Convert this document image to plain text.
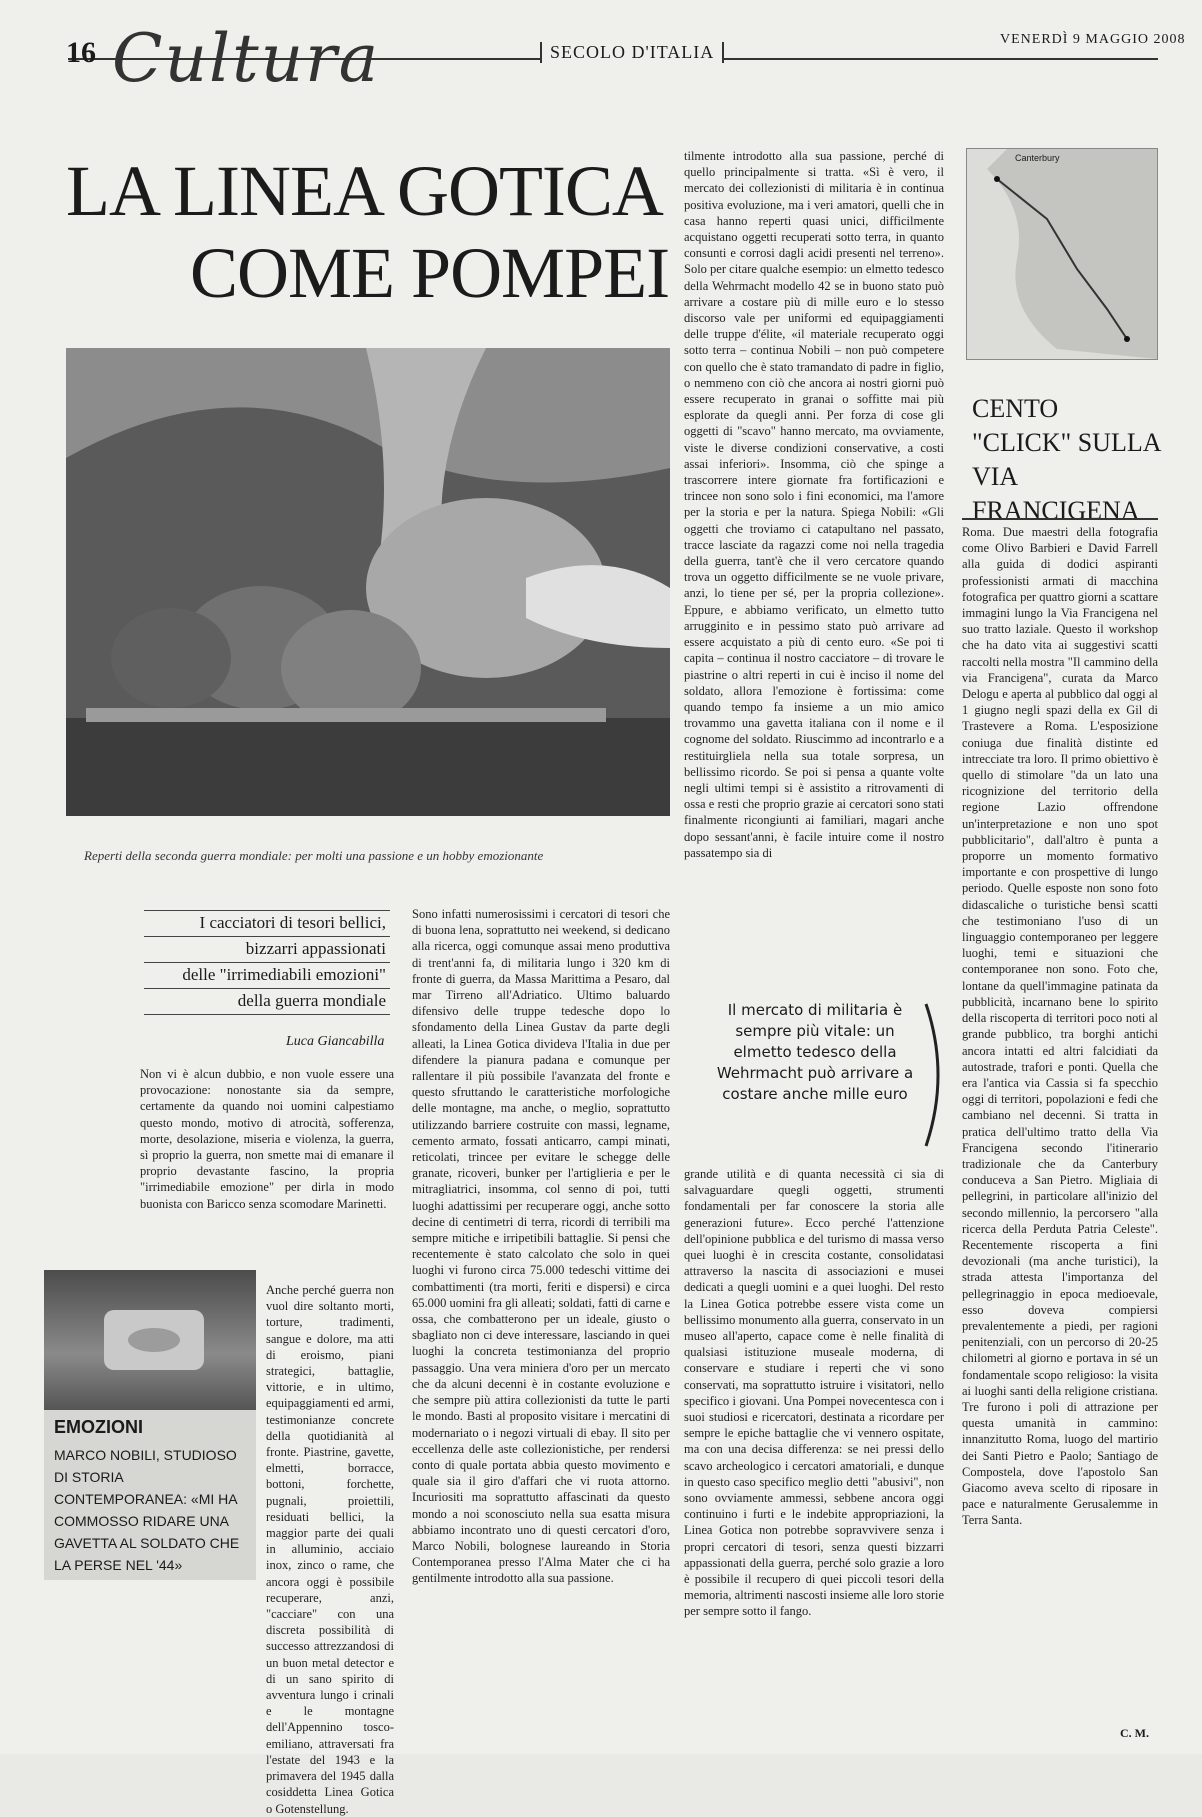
16 Cultura	SECOLO D'ITALIA
VENERDÌ 9 MAGGIO 2008
LA LINEA GOTICA
COME POMPEI
Reperti della seconda guerra mondiale: per molti una passione e un hobby emozionante
I cacciatori di tesori bellici,
bizzarri appassionati
delle "irrimediabili emozioni"
della guerra mondiale
Luca Giancabilla
Non vi è alcun dubbio, e non vuole essere una provocazione: nonostante sia da sempre, certamente da quando noi uomini calpestiamo questo mondo, motivo di atrocità, sofferenza, morte, desolazione, miseria e violenza, la guerra, sì proprio la guerra, non smette mai di emanare il proprio devastante fascino, la propria "irrimediabile emozione" per dirla in modo buonista con Baricco senza scomodare Marinetti.
Anche perché guerra non vuol dire soltanto morti, torture, tradimenti, sangue e dolore, ma atti di eroismo, piani strategici, battaglie, vittorie, e in ultimo, equipaggiamenti ed armi, testimonianze concrete della quotidianità al fronte. Piastrine, gavette, elmetti, borracce, bottoni, forchette, pugnali, proiettili, residuati bellici, la maggior parte dei quali in alluminio, acciaio inox, zinco o rame, che ancora oggi è possibile recuperare, anzi, "cacciare" con una discreta possibilità di successo attrezzandosi di un buon metal detector e di un sano spirito di avventura lungo i crinali e le montagne dell'Appennino tosco-emiliano, attraversati fra l'estate del 1943 e la primavera del 1945 dalla cosiddetta Linea Gotica o Gotenstellung.
EMOZIONI
MARCO NOBILI, STUDIOSO DI STORIA CONTEMPORANEA: «MI HA COMMOSSO RIDARE UNA GAVETTA AL SOLDATO CHE LA PERSE NEL '44»
Sono infatti numerosissimi i cercatori di tesori che di buona lena, soprattutto nei weekend, si dedicano alla ricerca, oggi comunque assai meno produttiva di trent'anni fa, di militaria lungo i 320 km di fronte di guerra, da Massa Marittima a Pesaro, dal mar Tirreno all'Adriatico. Ultimo baluardo difensivo delle truppe tedesche dopo lo sfondamento della Linea Gustav da parte degli alleati, la Linea Gotica divideva l'Italia in due per difendere la pianura padana e comunque per rallentare il più possibile l'avanzata del fronte e questo sfruttando le caratteristiche morfologiche delle montagne, ma anche, o meglio, soprattutto utilizzando barriere costruite con massi, legname, cemento armato, fossati anticarro, campi minati, reticolati, trincee per evitare le schegge delle granate, ricoveri, bunker per l'artiglieria e per le mitragliatrici, insomma, col senno di poi, tutti luoghi adattissimi per recuperare oggi, anche sotto decine di centimetri di terra, ricordi di terribili ma sempre mitiche e irripetibili battaglie. Si pensi che recentemente è stato calcolato che solo in quei luoghi vi furono circa 75.000 tedeschi vittime dei combattimenti (tra morti, feriti e dispersi) e circa 65.000 uomini fra gli alleati; soldati, fatti di carne e ossa, che combatterono per un ideale, giusto o sbagliato non ci deve interessare, lasciando in quei luoghi la concreta testimonianza del proprio passaggio. Una vera miniera d'oro per un mercato che da alcuni decenni è in costante evoluzione e che sempre più attira collezionisti da tutte le parti le mondo. Basti al proposito visitare i mercatini di modernariato o i negozi virtuali di ebay. Il sito per eccellenza delle aste collezionistiche, per rendersi conto di quale portata abbia questo movimento e quale sia il giro d'affari che vi ruota attorno. Incuriositi ma soprattutto affascinati da questo mondo a noi sconosciuto nella sua esatta misura abbiamo incontrato uno di questi cercatori d'oro, Marco Nobili, bolognese laureando in Storia Contemporanea presso l'Alma Mater che ci ha gentilmente introdotto alla sua passione.
tilmente introdotto alla sua passione, perché di quello principalmente si tratta. «Sì è vero, il mercato dei collezionisti di militaria è in continua positiva evoluzione, ma i veri amatori, quelli che in casa hanno reperti quasi unici, difficilmente acquistano oggetti recuperati sotto terra, in quanto consunti e corrosi dagli acidi presenti nel terreno». Solo per citare qualche esempio: un elmetto tedesco della Wehrmacht modello 42 se in buono stato può arrivare a costare più di mille euro e lo stesso discorso vale per uniformi ed equipaggiamenti delle truppe d'élite, «il materiale recuperato oggi sotto terra – continua Nobili – non può competere con quello che è stato tramandato di padre in figlio, o nemmeno con ciò che ancora ai nostri giorni può essere recuperato in granai o soffitte mai più esplorate da quegli anni. Per forza di cose gli oggetti di "scavo" hanno mercato, ma ovviamente, viste le diverse condizioni conservative, a costi assai inferiori». Insomma, ciò che spinge a trascorrere intere giornate fra fortificazioni e trincee non sono solo i fini economici, ma l'amore per la storia e per la natura. Spiega Nobili: «Gli oggetti che troviamo ci catapultano nel passato, tracce lasciate da ragazzi come noi nella tragedia della guerra, tant'è che il vero cercatore quando trova un oggetto difficilmente se ne vuole privare, anzi, lo tiene per sé, per la propria collezione». Eppure, e abbiamo verificato, un elmetto tutto arrugginito e in pessimo stato può arrivare ad essere acquistato a più di cento euro. «Se poi ti capita – continua il nostro cacciatore – di trovare le piastrine o altri reperti in cui è inciso il nome del soldato, allora l'emozione è fortissima: come quando tempo fa insieme a un mio amico trovammo una gavetta italiana con il nome e il cognome del soldato. Riuscimmo ad incontrarlo e a restituirgliela nella sua totale sorpresa, un bellissimo ricordo. Se poi si pensa a quante volte negli ultimi tempi si è assistito a ritrovamenti di ossa e resti che proprio grazie ai cercatori sono stati finalmente ricongiunti ai familiari, magari anche dopo sessant'anni, è facile intuire come il nostro passatempo sia di
Il mercato di militaria è sempre più vitale: un elmetto tedesco della Wehrmacht può arrivare a costare anche mille euro
grande utilità e di quanta necessità ci sia di salvaguardare quegli oggetti, strumenti fondamentali per far conoscere la storia alle generazioni future». Ecco perché l'attenzione dell'opinione pubblica e del turismo di massa verso quei luoghi è in crescita costante, consolidatasi attraverso la nascita di associazioni e musei dedicati a quegli uomini e a quei luoghi. Del resto la Linea Gotica potrebbe essere vista come un bellissimo monumento alla guerra, conservato in un museo all'aperto, capace come è nelle finalità di qualsiasi istituzione museale moderna, di conservare e studiare i reperti che vi sono conservati, ma soprattutto istruire i visitatori, nello specifico i giovani. Una Pompei novecentesca con i suoi studiosi e ricercatori, destinata a ricordare per sempre le epiche battaglie che vi vennero ospitate, ma con una decisa differenza: se nei pressi dello scavo archeologico i cercatori amatoriali, e dunque in questo caso specifico meglio detti "abusivi", non sono ovviamente ammessi, sebbene ancora oggi continuino i furti e le indebite appropriazioni, la Linea Gotica non potrebbe sopravvivere senza i propri cercatori di tesori, senza questi bizzarri appassionati della guerra, perché solo grazie a loro è possibile il recupero di quei piccoli tesori della memoria, altrimenti nascosti insieme alle loro storie per sempre sotto il fango.
Canterbury
CENTO "CLICK" SULLA VIA FRANCIGENA
Roma. Due maestri della fotografia come Olivo Barbieri e David Farrell alla guida di dodici aspiranti professionisti armati di macchina fotografica per quattro giorni a scattare immagini lungo la Via Francigena nel suo tratto laziale. Questo il workshop che ha dato vita ai suggestivi scatti raccolti nella mostra "Il cammino della via Francigena", curata da Marco Delogu e aperta al pubblico dal oggi al 1 giugno negli spazi della ex Gil di Trastevere a Roma. L'esposizione coniuga due finalità distinte ed intrecciate tra loro. Il primo obiettivo è quello di stimolare "da un lato una ricognizione del territorio della regione Lazio offrendone un'interpretazione e non uno spot pubblicitario", dall'altro è punta a proporre un momento formativo importante e con prospettive di lungo periodo. Quelle esposte non sono foto didascaliche o turistiche bensì scatti che testimoniano l'uso di un linguaggio contemporaneo per leggere luoghi, temi e situazioni che contemporanee non sono. Foto che, lontane da quell'immagine patinata da pubblicità, incarnano bene lo spirito della riscoperta di territori poco noti al grande pubblico, tra borghi antichi ancora intatti ed altri falcidiati da autostrade, trafori e ponti. Quella che era l'antica via Cassia si fa specchio oggi di territori, popolazioni e fedi che cambiano nel decenni. Si tratta in pratica dell'ultimo tratto della Via Francigena secondo l'itinerario tradizionale che da Canterbury conduceva a San Pietro. Migliaia di pellegrini, in particolare all'inizio del secondo millennio, la percorsero "alla ricerca della Perduta Patria Celeste". Recentemente riscoperta a fini devozionali (ma anche turistici), la strada attesta l'importanza del pellegrinaggio in epoca medioevale, esso doveva compiersi prevalentemente a piedi, per ragioni penitenziali, con un percorso di 20-25 chilometri al giorno e portava in sé un fondamentale scopo religioso: la visita ai luoghi santi della religione cristiana. Tre furono i poli di attrazione per questa umanità in cammino: innanzitutto Roma, luogo del martirio dei Santi Pietro e Paolo; Santiago de Compostela, dove l'apostolo San Giacomo aveva scelto di riposare in pace e naturalmente Gerusalemme in Terra Santa.
C. M.
